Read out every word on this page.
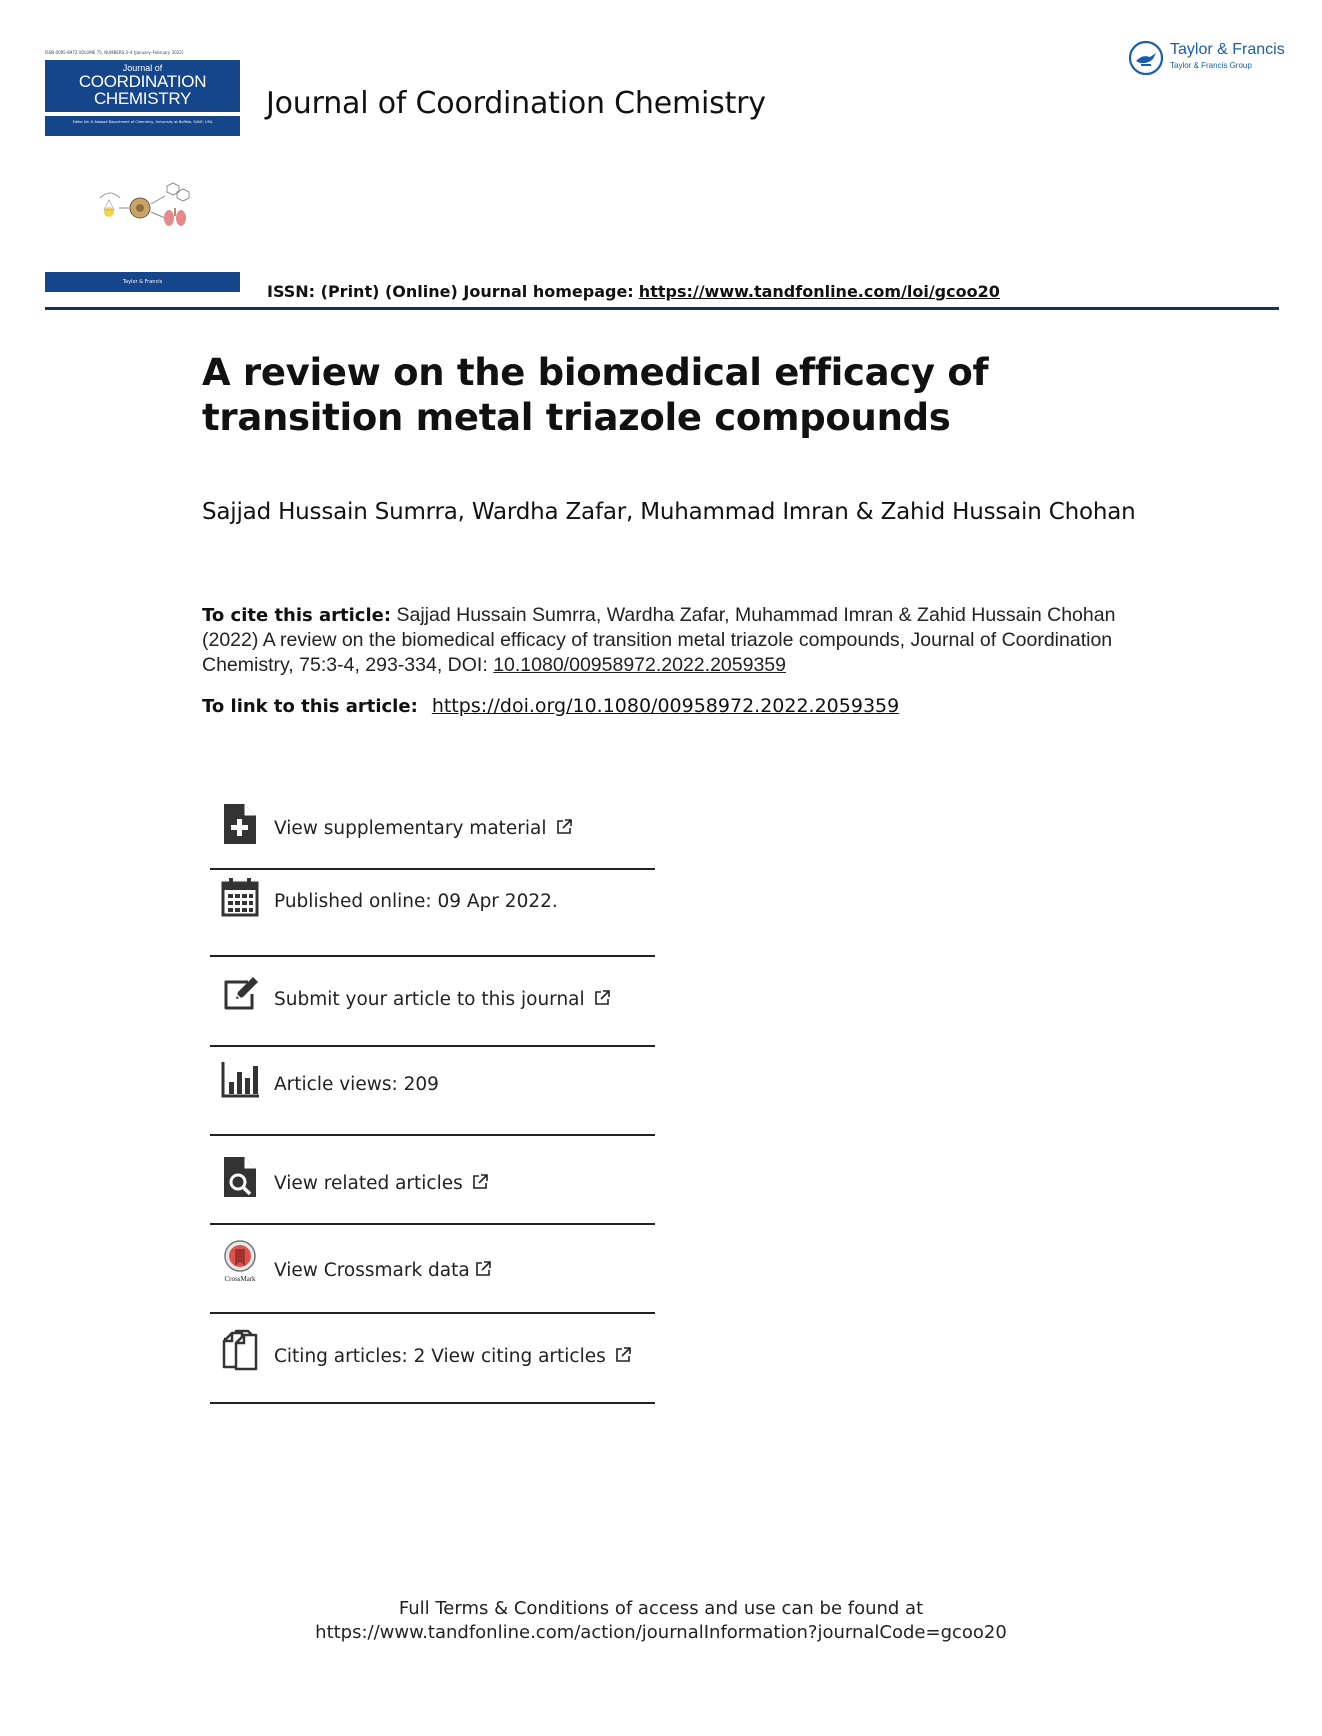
ISSN 0095-8972 VOLUME 75, NUMBERS 3–4 (January–February 2022)
Journal of
COORDINATION
CHEMISTRY
Editor Jim D Atwood Department of Chemistry, University at Buffalo, SUNY, USA
Taylor & Francis
Journal of Coordination Chemistry
Taylor & Francis
Taylor & Francis Group
ISSN: (Print) (Online) Journal homepage: https://www.tandfonline.com/loi/gcoo20
A review on the biomedical efficacy of transition metal triazole compounds
Sajjad Hussain Sumrra, Wardha Zafar, Muhammad Imran & Zahid Hussain Chohan
To cite this article: Sajjad Hussain Sumrra, Wardha Zafar, Muhammad Imran & Zahid Hussain Chohan (2022) A review on the biomedical efficacy of transition metal triazole compounds, Journal of Coordination Chemistry, 75:3-4, 293-334, DOI: 10.1080/00958972.2022.2059359
To link to this article: https://doi.org/10.1080/00958972.2022.2059359
View supplementary material
Published online: 09 Apr 2022.
Submit your article to this journal
Article views: 209
View related articles
CrossMark View Crossmark data
Citing articles: 2 View citing articles
Full Terms & Conditions of access and use can be found at
https://www.tandfonline.com/action/journalInformation?journalCode=gcoo20
